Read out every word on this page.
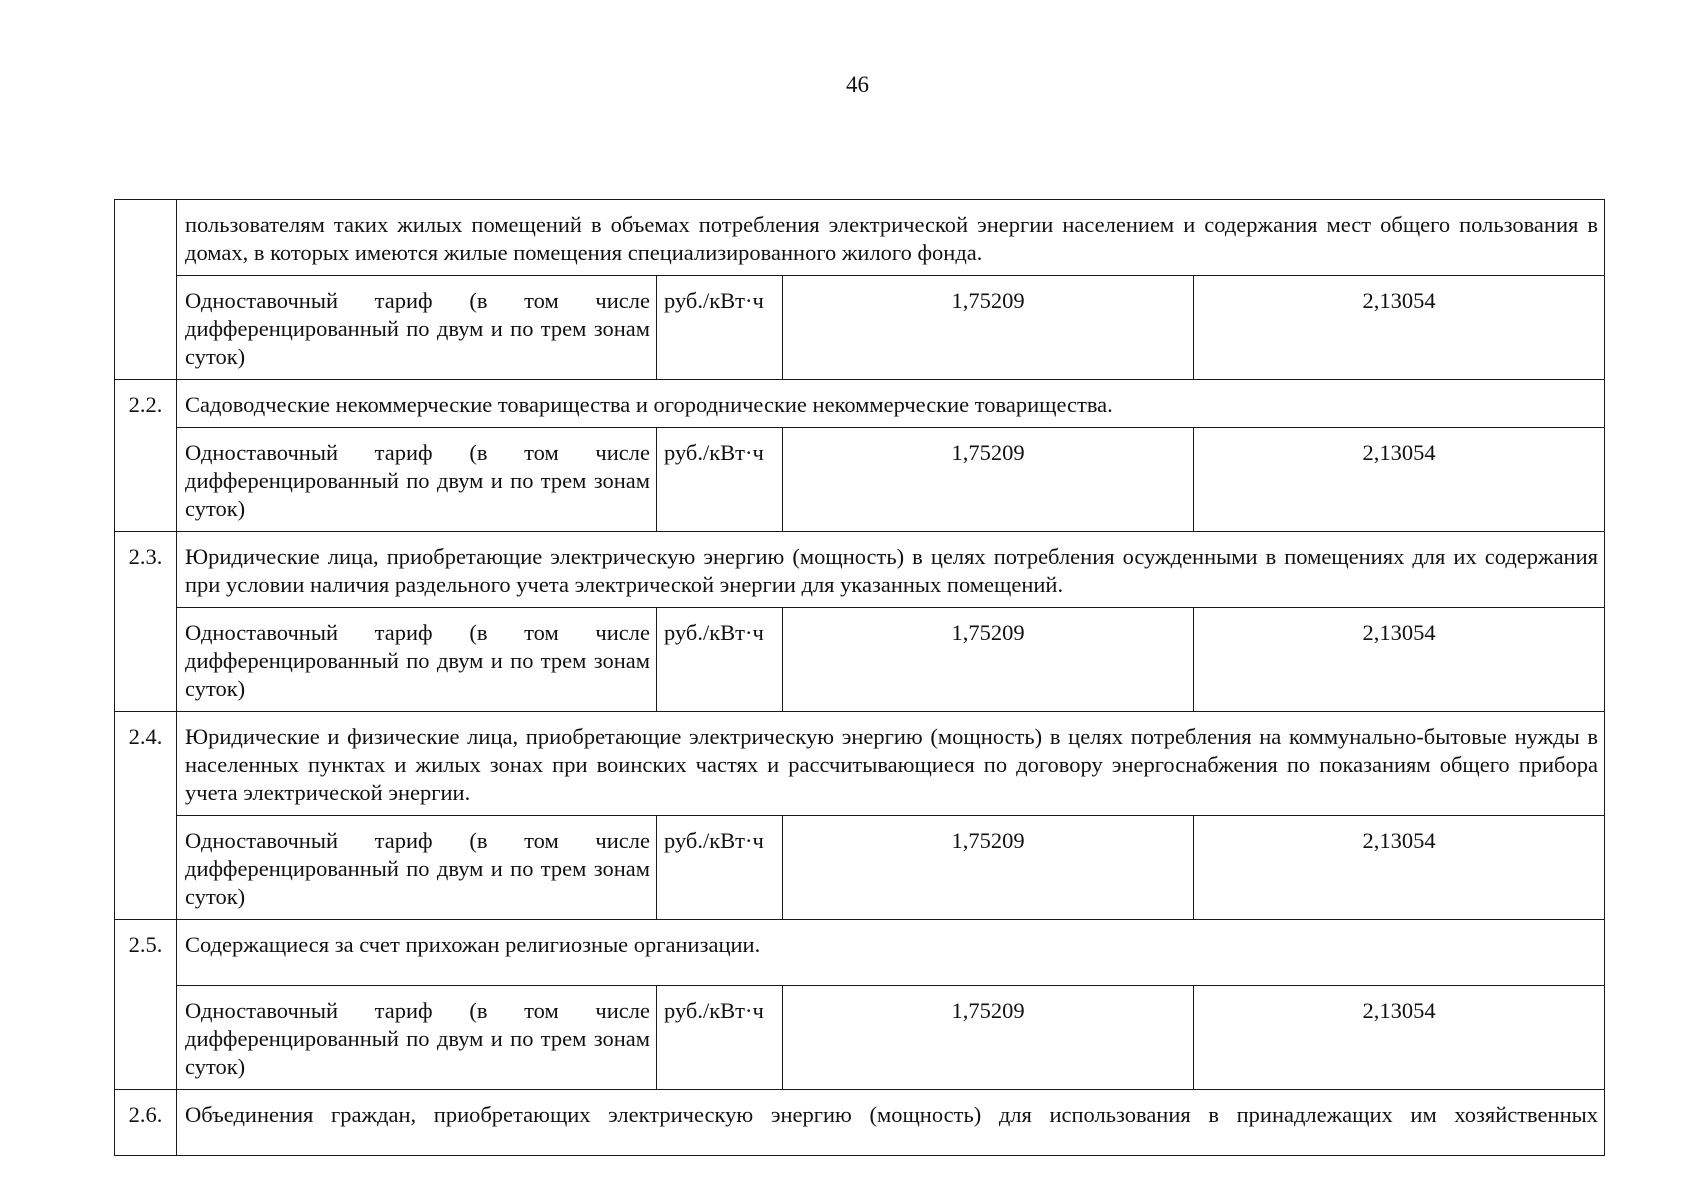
46
	пользователям таких жилых помещений в объемах потребления электрической энергии населением и содержания мест общего пользования в домах, в которых имеются жилые помещения специализированного жилого фонда.			
	Одноставочный тариф (в том числе дифференцированный по двум и по трем зонам суток)	руб./кВт·ч	1,75209	2,13054
2.2.	Садоводческие некоммерческие товарищества и огороднические некоммерческие товарищества.			
	Одноставочный тариф (в том числе дифференцированный по двум и по трем зонам суток)	руб./кВт·ч	1,75209	2,13054
2.3.	Юридические лица, приобретающие электрическую энергию (мощность) в целях потребления осужденными в помещениях для их содержания при условии наличия раздельного учета электрической энергии для указанных помещений.			
	Одноставочный тариф (в том числе дифференцированный по двум и по трем зонам суток)	руб./кВт·ч	1,75209	2,13054
2.4.	Юридические и физические лица, приобретающие электрическую энергию (мощность) в целях потребления на коммунально-бытовые нужды в населенных пунктах и жилых зонах при воинских частях и рассчитывающиеся по договору энергоснабжения по показаниям общего прибора учета электрической энергии.			
	Одноставочный тариф (в том числе дифференцированный по двум и по трем зонам суток)	руб./кВт·ч	1,75209	2,13054
2.5.	Содержащиеся за счет прихожан религиозные организации.			
	Одноставочный тариф (в том числе дифференцированный по двум и по трем зонам суток)	руб./кВт·ч	1,75209	2,13054
2.6.	Объединения граждан, приобретающих электрическую энергию (мощность) для использования в принадлежащих им хозяйственных			
